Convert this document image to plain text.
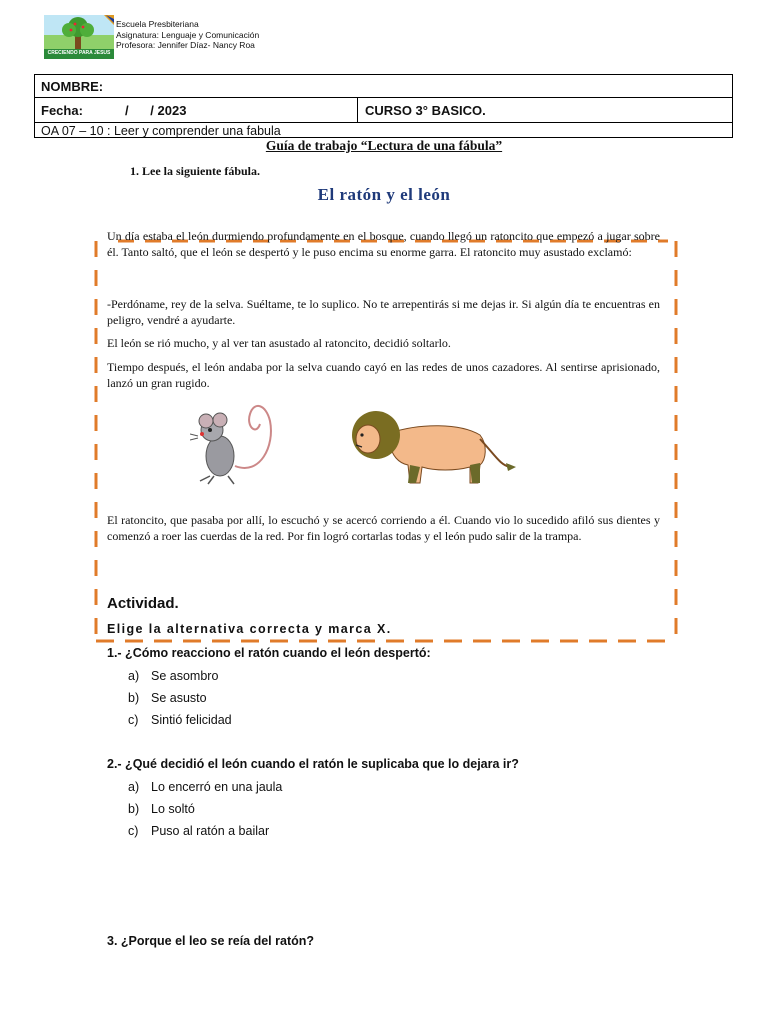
CRECIENDO PARA JESUS
Escuela Presbiteriana
Asignatura: Lenguaje y Comunicación
Profesora: Jennifer Díaz- Nancy Roa
NOMBRE:
Fecha:	/      / 2023	CURSO 3° BASICO.
OA 07 – 10 : Leer y comprender una fabula
Guía de trabajo “Lectura de una fábula”
1. Lee la siguiente fábula.
El ratón y el león
Un día estaba el león durmiendo profundamente en el bosque, cuando llegó un ratoncito que empezó a jugar sobre él. Tanto saltó, que el león se despertó y le puso encima su enorme garra. El ratoncito muy asustado exclamó:
-Perdóname, rey de la selva. Suéltame, te lo suplico. No te arrepentirás si me dejas ir. Si algún día te encuentras en peligro, vendré a ayudarte.
El león se rió mucho, y al ver tan asustado al ratoncito, decidió soltarlo.
Tiempo después, el león andaba por la selva cuando cayó en las redes de unos cazadores. Al sentirse aprisionado, lanzó un gran rugido.
El ratoncito, que pasaba por allí, lo escuchó y se acercó corriendo a él. Cuando vio lo sucedido afiló sus dientes y comenzó a roer las cuerdas de la red. Por fin logró cortarlas todas y el león pudo salir de la trampa.
Actividad.
Elige la alternativa correcta y marca X.
1.- ¿Cómo reacciono el ratón cuando el león despertó:
a) Se asombro
b) Se asusto
c) Sintió felicidad
2.- ¿Qué decidió el león cuando el ratón le suplicaba que lo dejara ir?
a) Lo encerró en una jaula
b) Lo soltó
c) Puso al ratón a bailar
3. ¿Porque el leo se reía del ratón?
